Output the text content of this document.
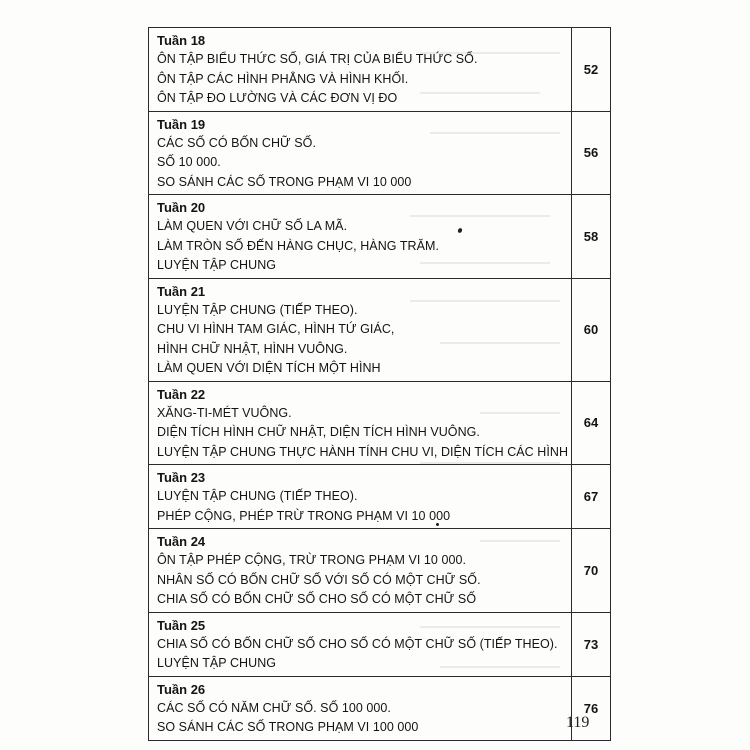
Tuần 18
ÔN TẬP BIỂU THỨC SỐ, GIÁ TRỊ CỦA BIỂU THỨC SỐ.
ÔN TẬP CÁC HÌNH PHẲNG VÀ HÌNH KHỐI.
ÔN TẬP ĐO LƯỜNG VÀ CÁC ĐƠN VỊ ĐO	52

Tuần 19
CÁC SỐ CÓ BỐN CHỮ SỐ.
SỐ 10 000.
SO SÁNH CÁC SỐ TRONG PHẠM VI 10 000	56

Tuần 20
LÀM QUEN VỚI CHỮ SỐ LA MÃ.
LÀM TRÒN SỐ ĐẾN HÀNG CHỤC, HÀNG TRĂM.
LUYỆN TẬP CHUNG	58

Tuần 21
LUYỆN TẬP CHUNG (TIẾP THEO).
CHU VI HÌNH TAM GIÁC, HÌNH TỨ GIÁC,
HÌNH CHỮ NHẬT, HÌNH VUÔNG.
LÀM QUEN VỚI DIỆN TÍCH MỘT HÌNH	60

Tuần 22
XĂNG-TI-MÉT VUÔNG.
DIỆN TÍCH HÌNH CHỮ NHẬT, DIỆN TÍCH HÌNH VUÔNG.
LUYỆN TẬP CHUNG THỰC HÀNH TÍNH CHU VI, DIỆN TÍCH CÁC HÌNH	64

Tuần 23
LUYỆN TẬP CHUNG (TIẾP THEO).
PHÉP CỘNG, PHÉP TRỪ TRONG PHẠM VI 10 000	67

Tuần 24
ÔN TẬP PHÉP CỘNG, TRỪ TRONG PHẠM VI 10 000.
NHÂN SỐ CÓ BỐN CHỮ SỐ VỚI SỐ CÓ MỘT CHỮ SỐ.
CHIA SỐ CÓ BỐN CHỮ SỐ CHO SỐ CÓ MỘT CHỮ SỐ	70

Tuần 25
CHIA SỐ CÓ BỐN CHỮ SỐ CHO SỐ CÓ MỘT CHỮ SỐ (TIẾP THEO).
LUYỆN TẬP CHUNG	73

Tuần 26
CÁC SỐ CÓ NĂM CHỮ SỐ. SỐ 100 000.
SO SÁNH CÁC SỐ TRONG PHẠM VI 100 000	76
119
